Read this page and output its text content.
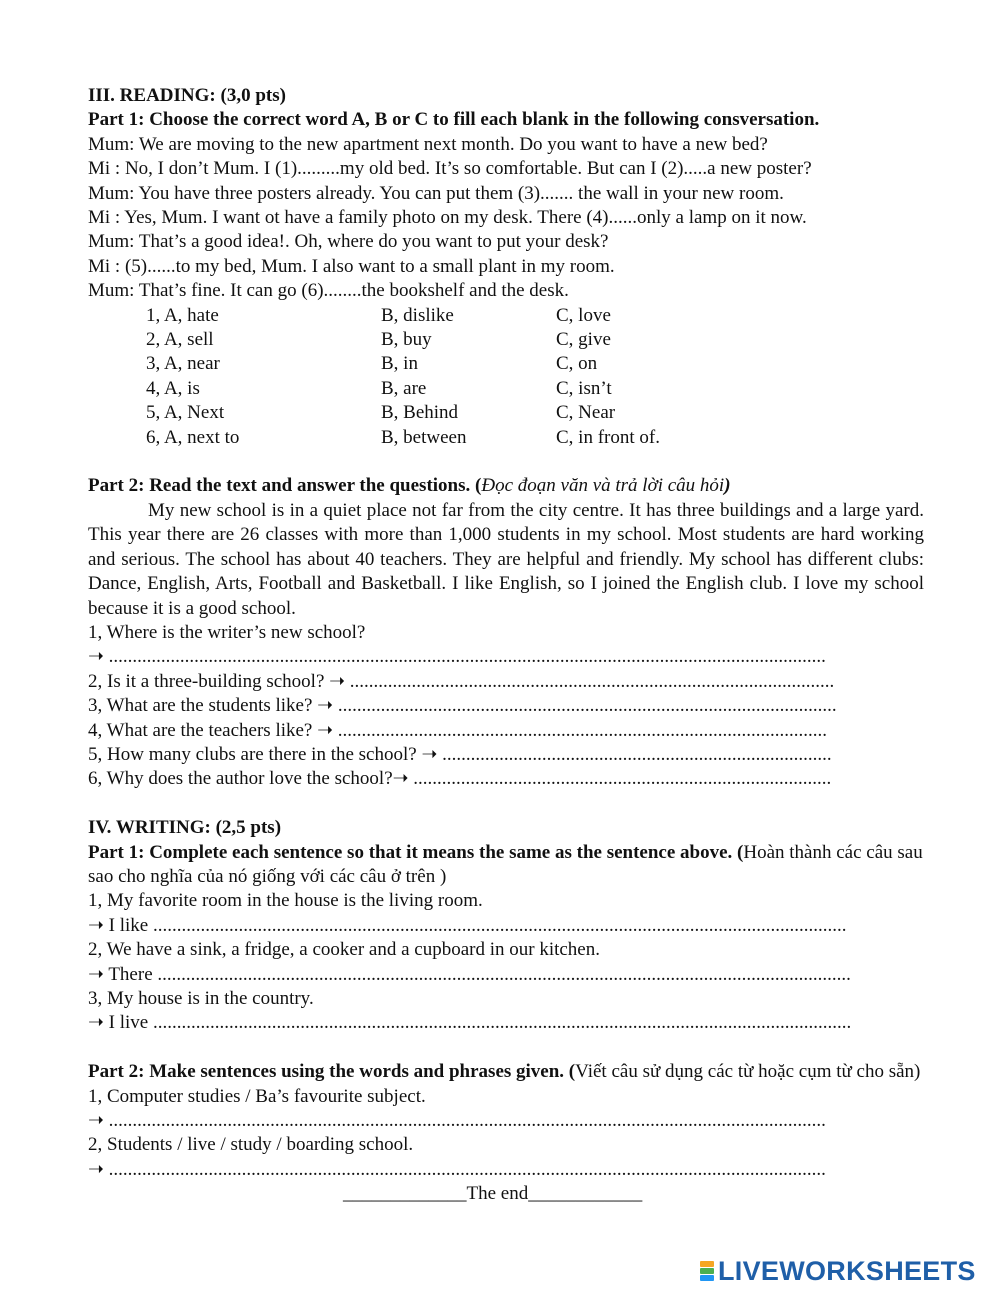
III. READING: (3,0 pts)
Part 1: Choose the correct word A, B or C to fill each blank in the following consversation.
Mum: We are moving to the new apartment next month. Do you want to have a new bed?
Mi : No, I don’t Mum. I (1).........my old bed. It’s so comfortable. But can I (2).....a new poster?
Mum: You have three posters already. You can put them (3)....... the wall in your new room.
Mi : Yes, Mum. I want ot have a family photo on my desk. There (4)......only a lamp on it now.
Mum: That’s a good idea!. Oh, where do you want to put your desk?
Mi : (5)......to my bed, Mum. I also want to a small plant in my room.
Mum: That’s fine. It can go (6)........the bookshelf and the desk.
1, A, hate	B, dislike	C, love
2, A, sell	B, buy	C, give
3, A, near	B, in	C, on
4, A, is	B, are	C, isn’t
5, A, Next	B, Behind	C, Near
6, A, next to	B, between	C, in front of.
Part 2: Read the text and answer the questions. (Đọc đoạn văn và trả lời câu hỏi)
My new school is in a quiet place not far from the city centre. It has three buildings and a large yard. This year there are 26 classes with more than 1,000 students in my school. Most students are hard working and serious. The school has about 40 teachers. They are helpful and friendly. My school has different clubs: Dance, English, Arts, Football and Basketball. I like English, so I joined the English club. I love my school because it is a good school.
1, Where is the writer’s new school?
➝ .......................................................................................................................................................
2, Is it a three-building school? ➝ ......................................................................................................
3, What are the students like? ➝ .........................................................................................................
4, What are the teachers like? ➝ .......................................................................................................
5, How many clubs are there in the school? ➝ ..................................................................................
6, Why does the author love the school?➝ ........................................................................................
IV. WRITING: (2,5 pts)
Part 1: Complete each sentence so that it means the same as the sentence above. (Hoàn thành các câu sau sao cho nghĩa của nó giống với các câu ở trên )
1, My favorite room in the house is the living room.
➝ I like ..................................................................................................................................................
2, We have a sink, a fridge, a cooker and a cupboard in our kitchen.
➝ There ..................................................................................................................................................
3, My house is in the country.
➝ I live ...................................................................................................................................................
Part 2: Make sentences using the words and phrases given. (Viết câu sử dụng các từ hoặc cụm từ cho sẵn)
1, Computer studies / Ba’s favourite subject.
➝ .......................................................................................................................................................
2, Students / live / study / boarding school.
➝ .......................................................................................................................................................
_____________The end____________
LIVEWORKSHEETS
